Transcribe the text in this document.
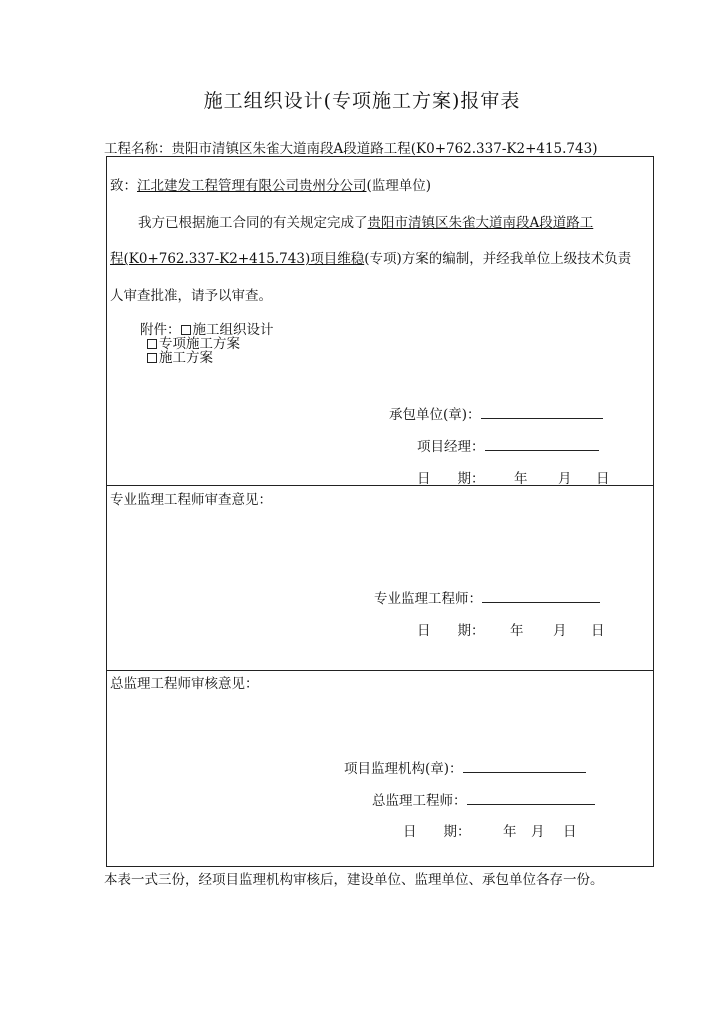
施工组织设计(专项施工方案)报审表
工程名称：贵阳市清镇区朱雀大道南段A段道路工程(K0+762.337-K2+415.743)
致：江北建发工程管理有限公司贵州分公司(监理单位)
我方已根据施工合同的有关规定完成了贵阳市清镇区朱雀大道南段A段道路工
程(K0+762.337-K2+415.743)项目维稳(专项)方案的编制，并经我单位上级技术负责
人审查批准，请予以审查。
附件： 施工组织设计
专项施工方案
施工方案
承包单位(章)：
项目经理：
日　　期： 年 月 日
专业监理工程师审查意见：
专业监理工程师：
日　　期： 年 月 日
总监理工程师审核意见：
项目监理机构(章)：
总监理工程师：
日　　期： 年 月 日
本表一式三份，经项目监理机构审核后，建设单位、监理单位、承包单位各存一份。
